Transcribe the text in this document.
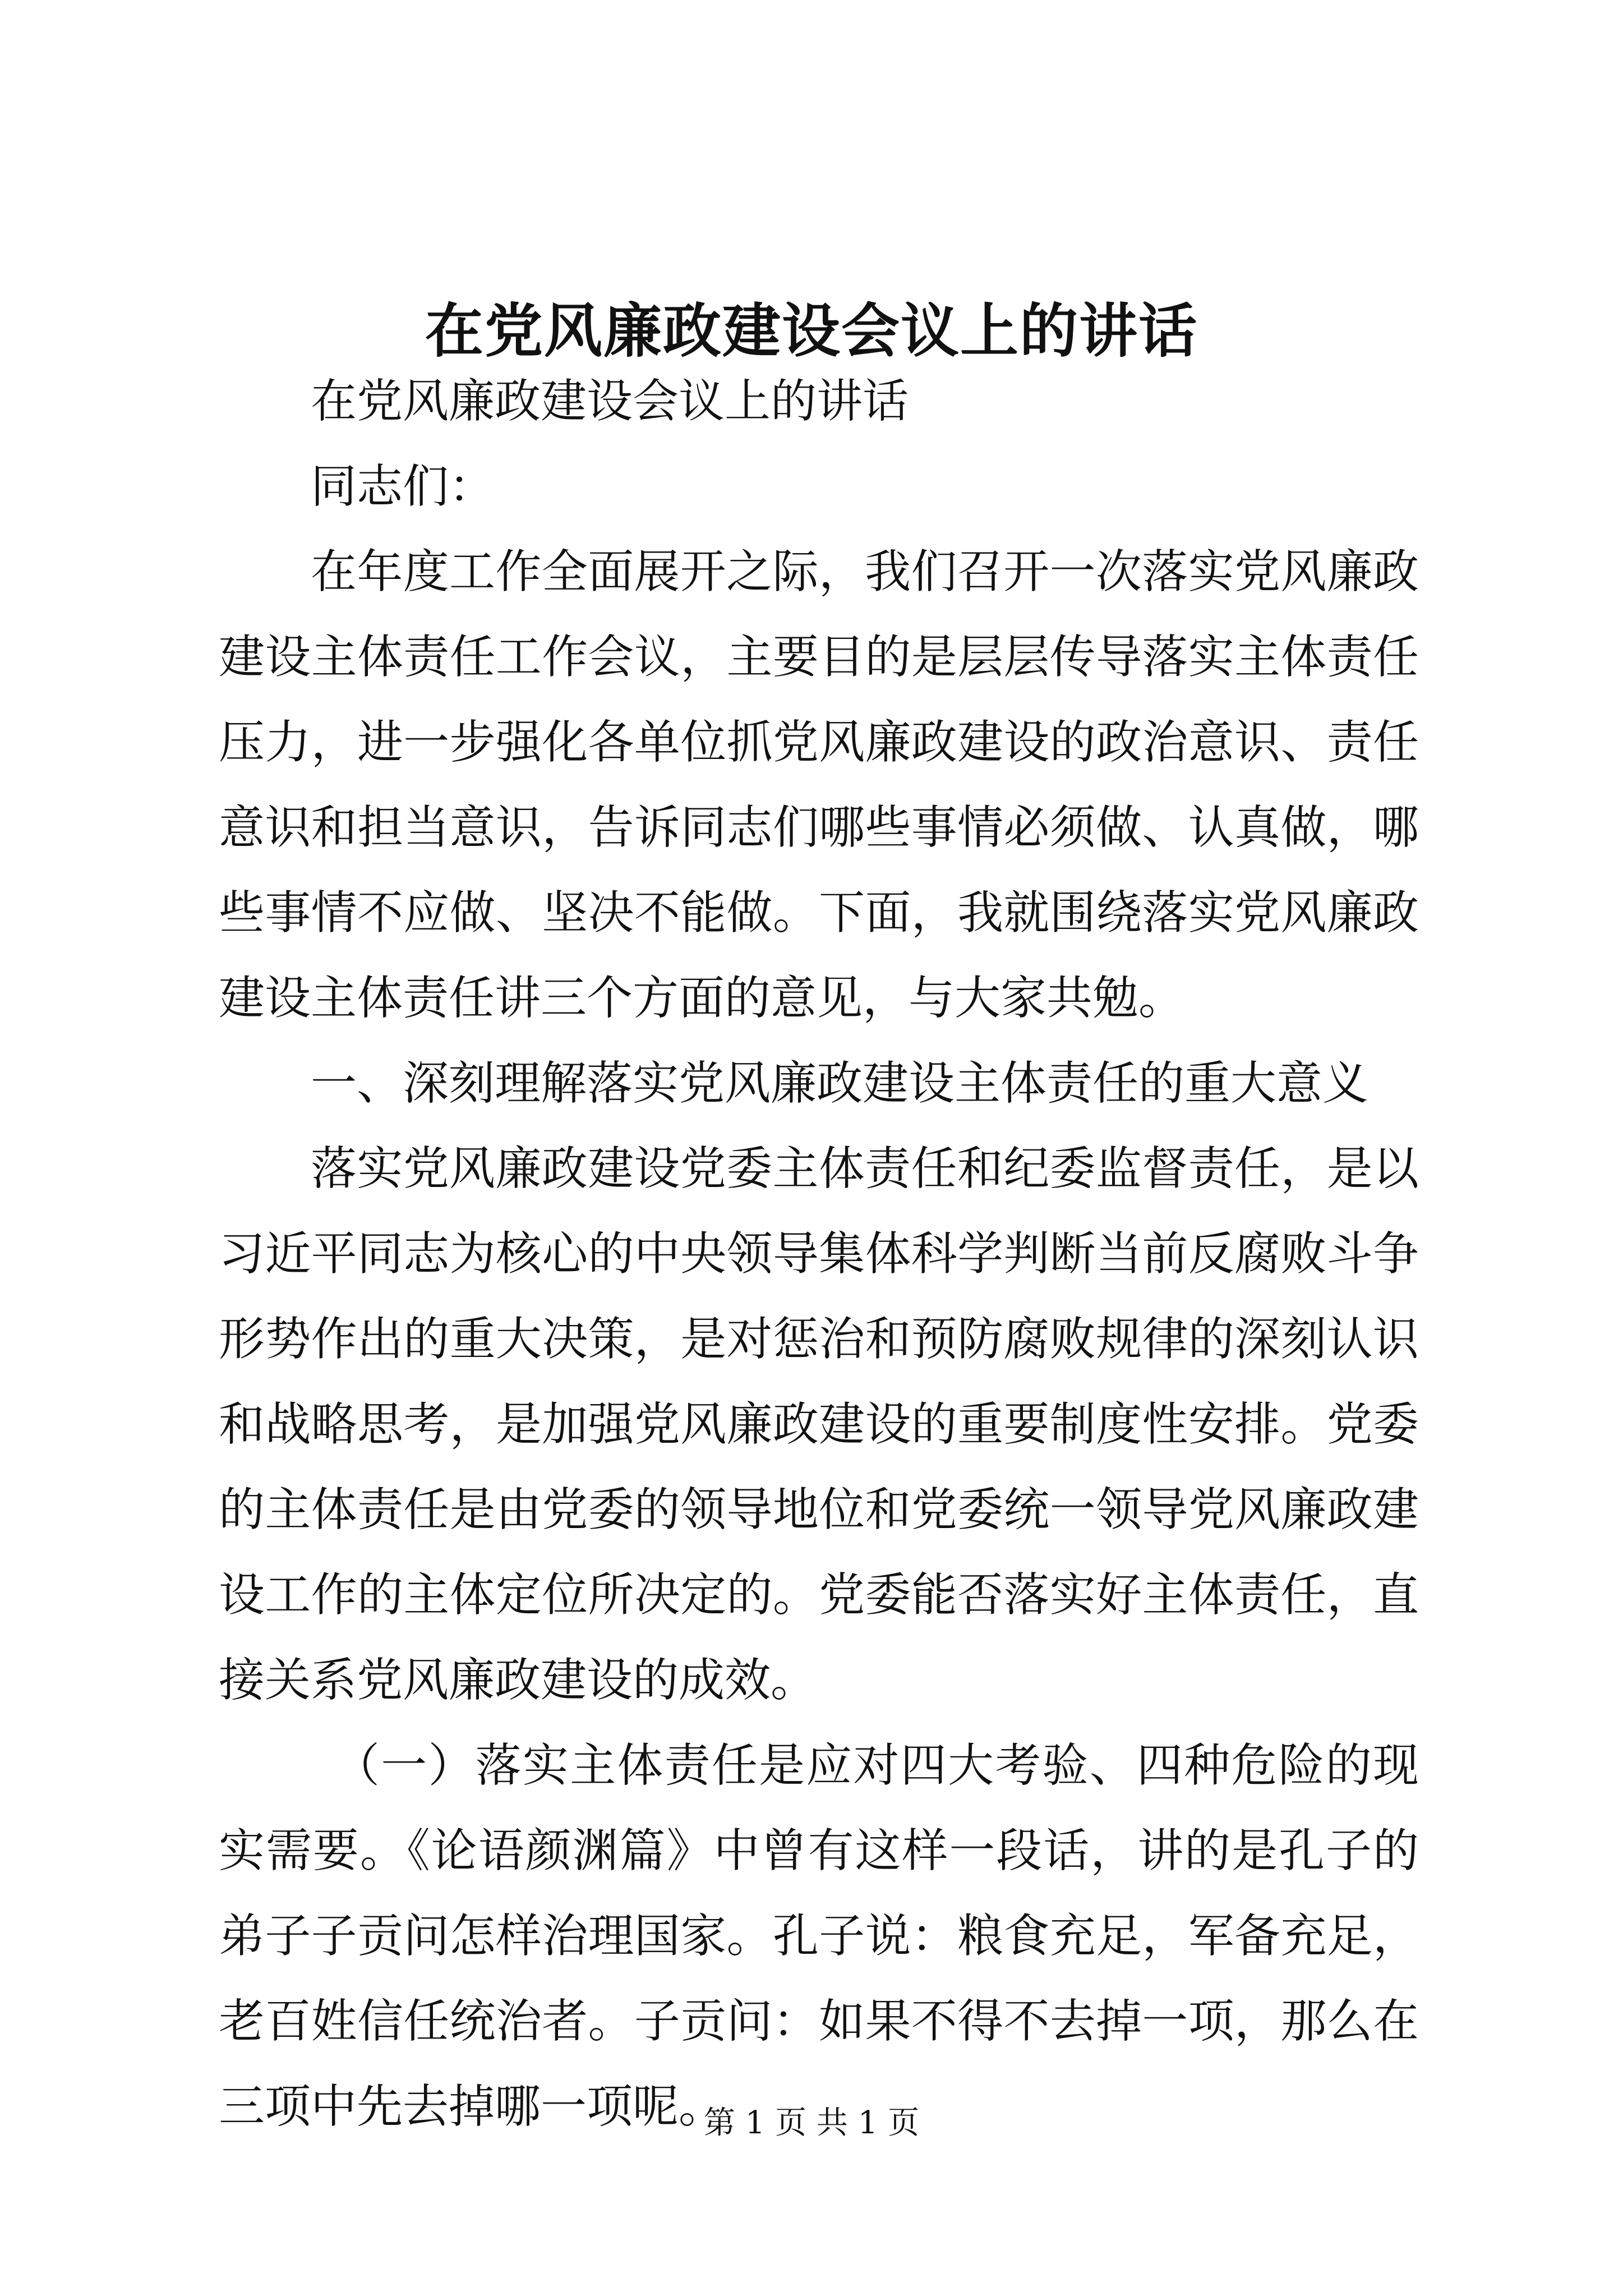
在党风廉政建设会议上的讲话

在党风廉政建设会议上的讲话

同志们：

在年度工作全面展开之际，我们召开一次落实党风廉政建设主体责任工作会议，主要目的是层层传导落实主体责任压力，进一步强化各单位抓党风廉政建设的政治意识、责任意识和担当意识，告诉同志们哪些事情必须做、认真做，哪些事情不应做、坚决不能做。下面，我就围绕落实党风廉政建设主体责任讲三个方面的意见，与大家共勉。

一、深刻理解落实党风廉政建设主体责任的重大意义

落实党风廉政建设党委主体责任和纪委监督责任，是以习近平同志为核心的中央领导集体科学判断当前反腐败斗争形势作出的重大决策，是对惩治和预防腐败规律的深刻认识和战略思考，是加强党风廉政建设的重要制度性安排。党委的主体责任是由党委的领导地位和党委统一领导党风廉政建设工作的主体定位所决定的。党委能否落实好主体责任，直接关系党风廉政建设的成效。

（一）落实主体责任是应对四大考验、四种危险的现实需要。《论语颜渊篇》中曾有这样一段话，讲的是孔子的弟子子贡问怎样治理国家。孔子说：粮食充足，军备充足，老百姓信任统治者。子贡问：如果不得不去掉一项，那么在三项中先去掉哪一项呢。

第 1 页 共 1 页
